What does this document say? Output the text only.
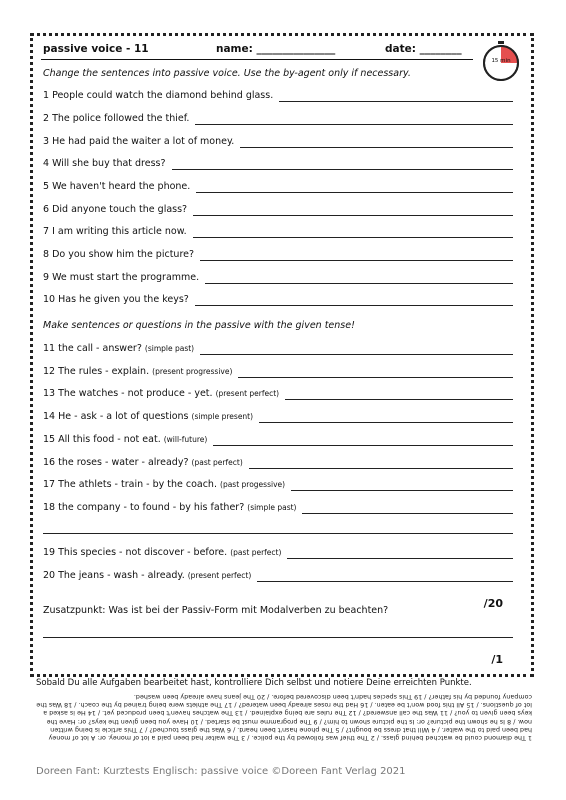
passive voice - 11	name: _______________	date: ________
15 min
Change the sentences into passive voice. Use the by-agent only if necessary.
1 People could watch the diamond behind glass.
2 The police followed the thief.
3 He had paid the waiter a lot of money.
4 Will she buy that dress?
5 We haven't heard the phone.
6 Did anyone touch the glass?
7 I am writing this article now.
8 Do you show him the picture?
9 We must start the programme.
10 Has he given you the keys?
Make sentences or questions in the passive with the given tense!
11 the call - answer? (simple past)
12 The rules - explain. (present progressive)
13 The watches - not produce - yet. (present perfect)
14 He - ask - a lot of questions (simple present)
15 All this food - not eat. (will-future)
16 the roses - water - already? (past perfect)
17 The athlets - train - by the coach. (past progessive)
18 the company - to found - by his father? (simple past)
19 This species - not discover - before. (past perfect)
20 The jeans - wash - already. (present perfect)
/20
Zusatzpunkt: Was ist bei der Passiv-Form mit Modalverben zu beachten?
/1
Sobald Du alle Aufgaben bearbeitet hast, kontrolliere Dich selbst und notiere Deine erreichten Punkte.
1 The diamond could be watched behind glass. / 2 The thief was followed by the police. / 3 The waiter had been paid a lot of money. or: A lot of money had been paid to the waiter. / 4 Will that dress be bought? / 5 The phone hasn't been heard. / 6 Was the glass touched? / 7 This article is being written now. / 8 Is he shown the picture? or: Is the picture shown to him? / 9 The programme must be started. / 10 Have you been given the keys? or: Have the keys been given to you? / 11 Was the call answered? / 12 The rules are being explained. / 13 The watches haven't been produced yet. / 14 He is asked a lot of questions. / 15 All this food won't be eaten. / 16 Had the roses already been watered? / 17 The athlets were being trained by the coach. / 18 Was the company founded by his father? / 19 This species hadn't been discovered before. / 20 The jeans have already been washed.
Doreen Fant: Kurztests Englisch: passive voice ©Doreen Fant Verlag 2021
